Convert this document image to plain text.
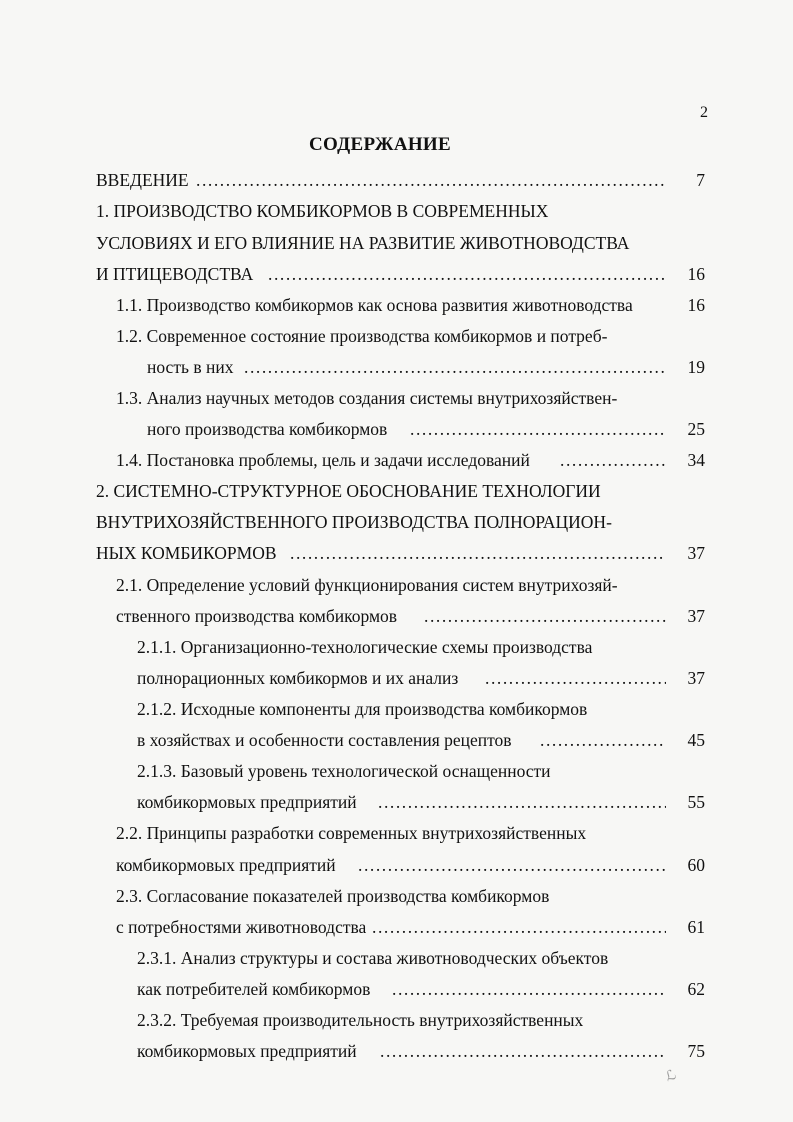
2
СОДЕРЖАНИЕ
ВВЕДЕНИЕ . . .	7
1. ПРОИЗВОДСТВО КОМБИКОРМОВ В СОВРЕМЕННЫХ
УСЛОВИЯХ И ЕГО ВЛИЯНИЕ НА РАЗВИТИЕ ЖИВОТНОВОДСТВА
И ПТИЦЕВОДСТВА . . .	16
1.1. Производство комбикормов как основа развития животноводства	16
1.2. Современное состояние производства комбикормов и потреб-
ность в них . . .	19
1.3. Анализ научных методов создания системы внутрихозяйствен-
ного производства комбикормов . . .	25
1.4. Постановка проблемы, цель и задачи исследований . . .	34
2. СИСТЕМНО-СТРУКТУРНОЕ ОБОСНОВАНИЕ ТЕХНОЛОГИИ
ВНУТРИХОЗЯЙСТВЕННОГО ПРОИЗВОДСТВА ПОЛНОРАЦИОН-
НЫХ КОМБИКОРМОВ . . .	37
2.1. Определение условий функционирования систем внутрихозяй-
ственного производства комбикормов . . .	37
2.1.1. Организационно-технологические схемы производства
полнорационных комбикормов и их анализ . . .	37
2.1.2. Исходные компоненты для производства комбикормов
в хозяйствах и особенности составления рецептов . . .	45
2.1.3. Базовый уровень технологической оснащенности
комбикормовых предприятий . . .	55
2.2. Принципы разработки современных внутрихозяйственных
комбикормовых предприятий . . .	60
2.3. Согласование показателей производства комбикормов
с потребностями животноводства . . .	61
2.3.1. Анализ структуры и состава животноводческих объектов
как потребителей комбикормов . . .	62
2.3.2. Требуемая производительность внутрихозяйственных
комбикормовых предприятий . . .	75
ℒ
